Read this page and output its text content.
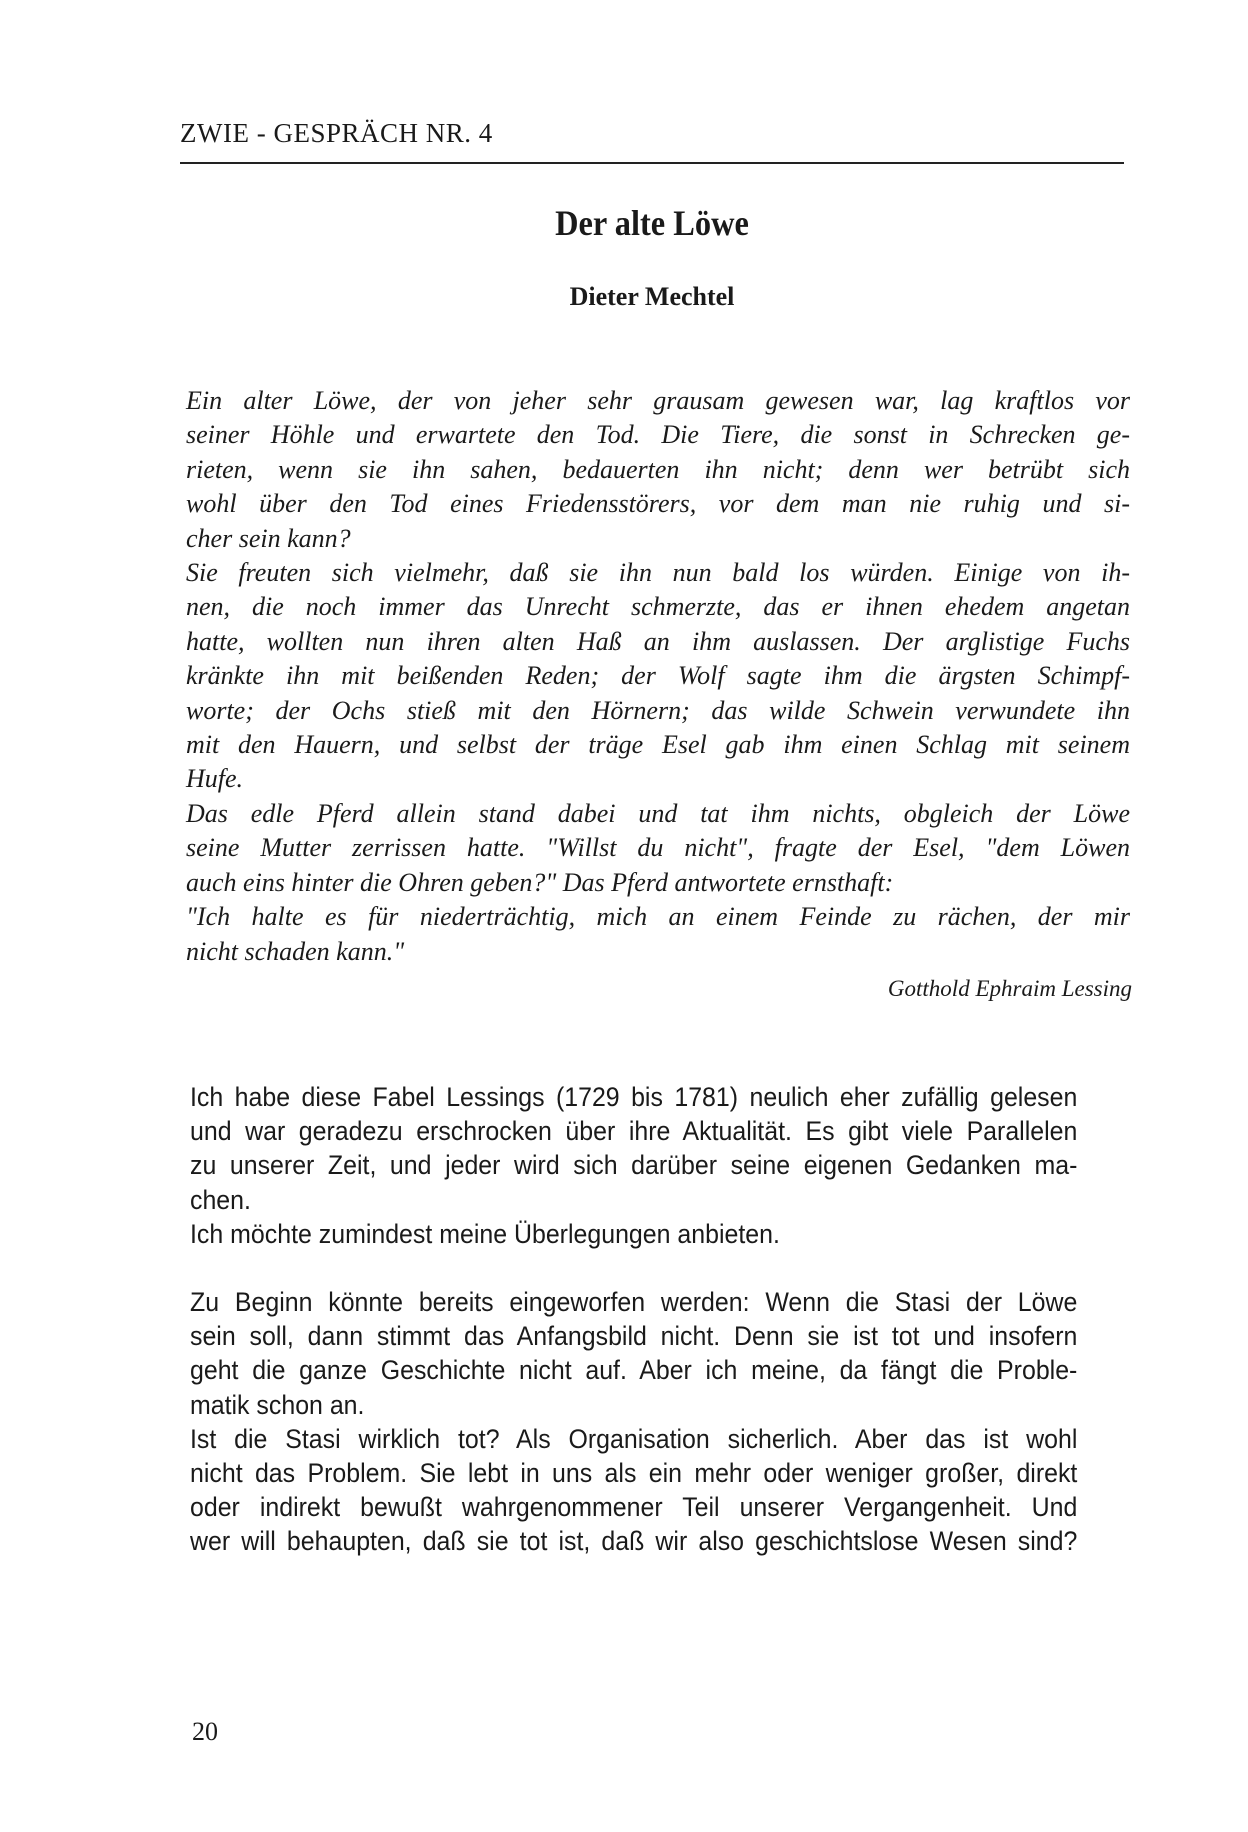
ZWIE - GESPRÄCH NR. 4
Der alte Löwe
Dieter Mechtel
Ein alter Löwe, der von jeher sehr grausam gewesen war, lag kraftlos vor
seiner Höhle und erwartete den Tod. Die Tiere, die sonst in Schrecken ge-
rieten, wenn sie ihn sahen, bedauerten ihn nicht; denn wer betrübt sich
wohl über den Tod eines Friedensstörers, vor dem man nie ruhig und si-
cher sein kann?
Sie freuten sich vielmehr, daß sie ihn nun bald los würden. Einige von ih-
nen, die noch immer das Unrecht schmerzte, das er ihnen ehedem angetan
hatte, wollten nun ihren alten Haß an ihm auslassen. Der arglistige Fuchs
kränkte ihn mit beißenden Reden; der Wolf sagte ihm die ärgsten Schimpf-
worte; der Ochs stieß mit den Hörnern; das wilde Schwein verwundete ihn
mit den Hauern, und selbst der träge Esel gab ihm einen Schlag mit seinem
Hufe.
Das edle Pferd allein stand dabei und tat ihm nichts, obgleich der Löwe
seine Mutter zerrissen hatte. "Willst du nicht", fragte der Esel, "dem Löwen
auch eins hinter die Ohren geben?" Das Pferd antwortete ernsthaft:
"Ich halte es für niederträchtig, mich an einem Feinde zu rächen, der mir
nicht schaden kann."
Gotthold Ephraim Lessing
Ich habe diese Fabel Lessings (1729 bis 1781) neulich eher zufällig gelesen
und war geradezu erschrocken über ihre Aktualität. Es gibt viele Parallelen
zu unserer Zeit, und jeder wird sich darüber seine eigenen Gedanken ma-
chen.
Ich möchte zumindest meine Überlegungen anbieten.
Zu Beginn könnte bereits eingeworfen werden: Wenn die Stasi der Löwe
sein soll, dann stimmt das Anfangsbild nicht. Denn sie ist tot und insofern
geht die ganze Geschichte nicht auf. Aber ich meine, da fängt die Proble-
matik schon an.
Ist die Stasi wirklich tot? Als Organisation sicherlich. Aber das ist wohl
nicht das Problem. Sie lebt in uns als ein mehr oder weniger großer, direkt
oder indirekt bewußt wahrgenommener Teil unserer Vergangenheit. Und
wer will behaupten, daß sie tot ist, daß wir also geschichtslose Wesen sind?
20
